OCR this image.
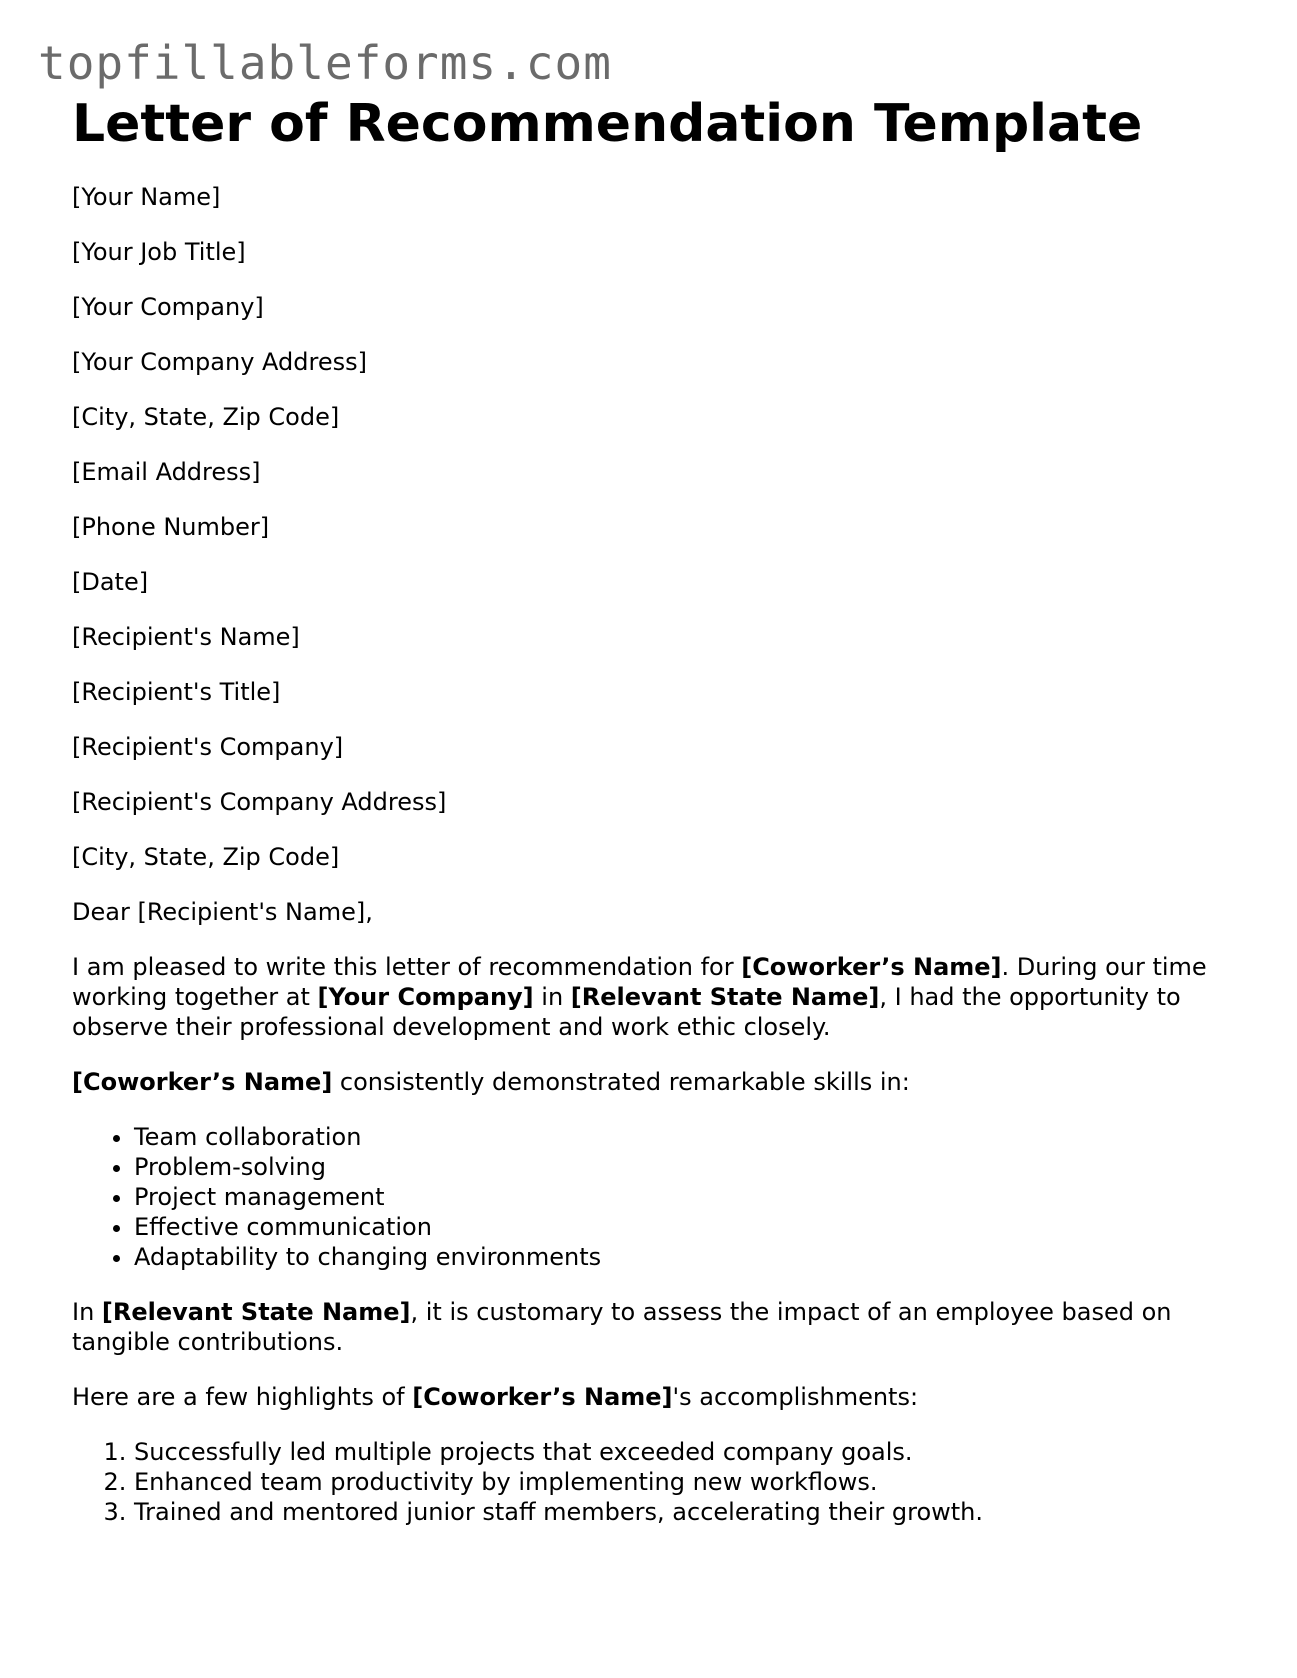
topfillableforms.com
Letter of Recommendation Template

[Your Name]

[Your Job Title]

[Your Company]

[Your Company Address]

[City, State, Zip Code]

[Email Address]

[Phone Number]

[Date]

[Recipient's Name]

[Recipient's Title]

[Recipient's Company]

[Recipient's Company Address]

[City, State, Zip Code]

Dear [Recipient's Name],

I am pleased to write this letter of recommendation for [Coworker’s Name]. During our time working together at [Your Company] in [Relevant State Name], I had the opportunity to observe their professional development and work ethic closely.

[Coworker’s Name] consistently demonstrated remarkable skills in:

• Team collaboration
• Problem-solving
• Project management
• Effective communication
• Adaptability to changing environments

In [Relevant State Name], it is customary to assess the impact of an employee based on tangible contributions.

Here are a few highlights of [Coworker’s Name]'s accomplishments:

1. Successfully led multiple projects that exceeded company goals.
2. Enhanced team productivity by implementing new workflows.
3. Trained and mentored junior staff members, accelerating their growth.
